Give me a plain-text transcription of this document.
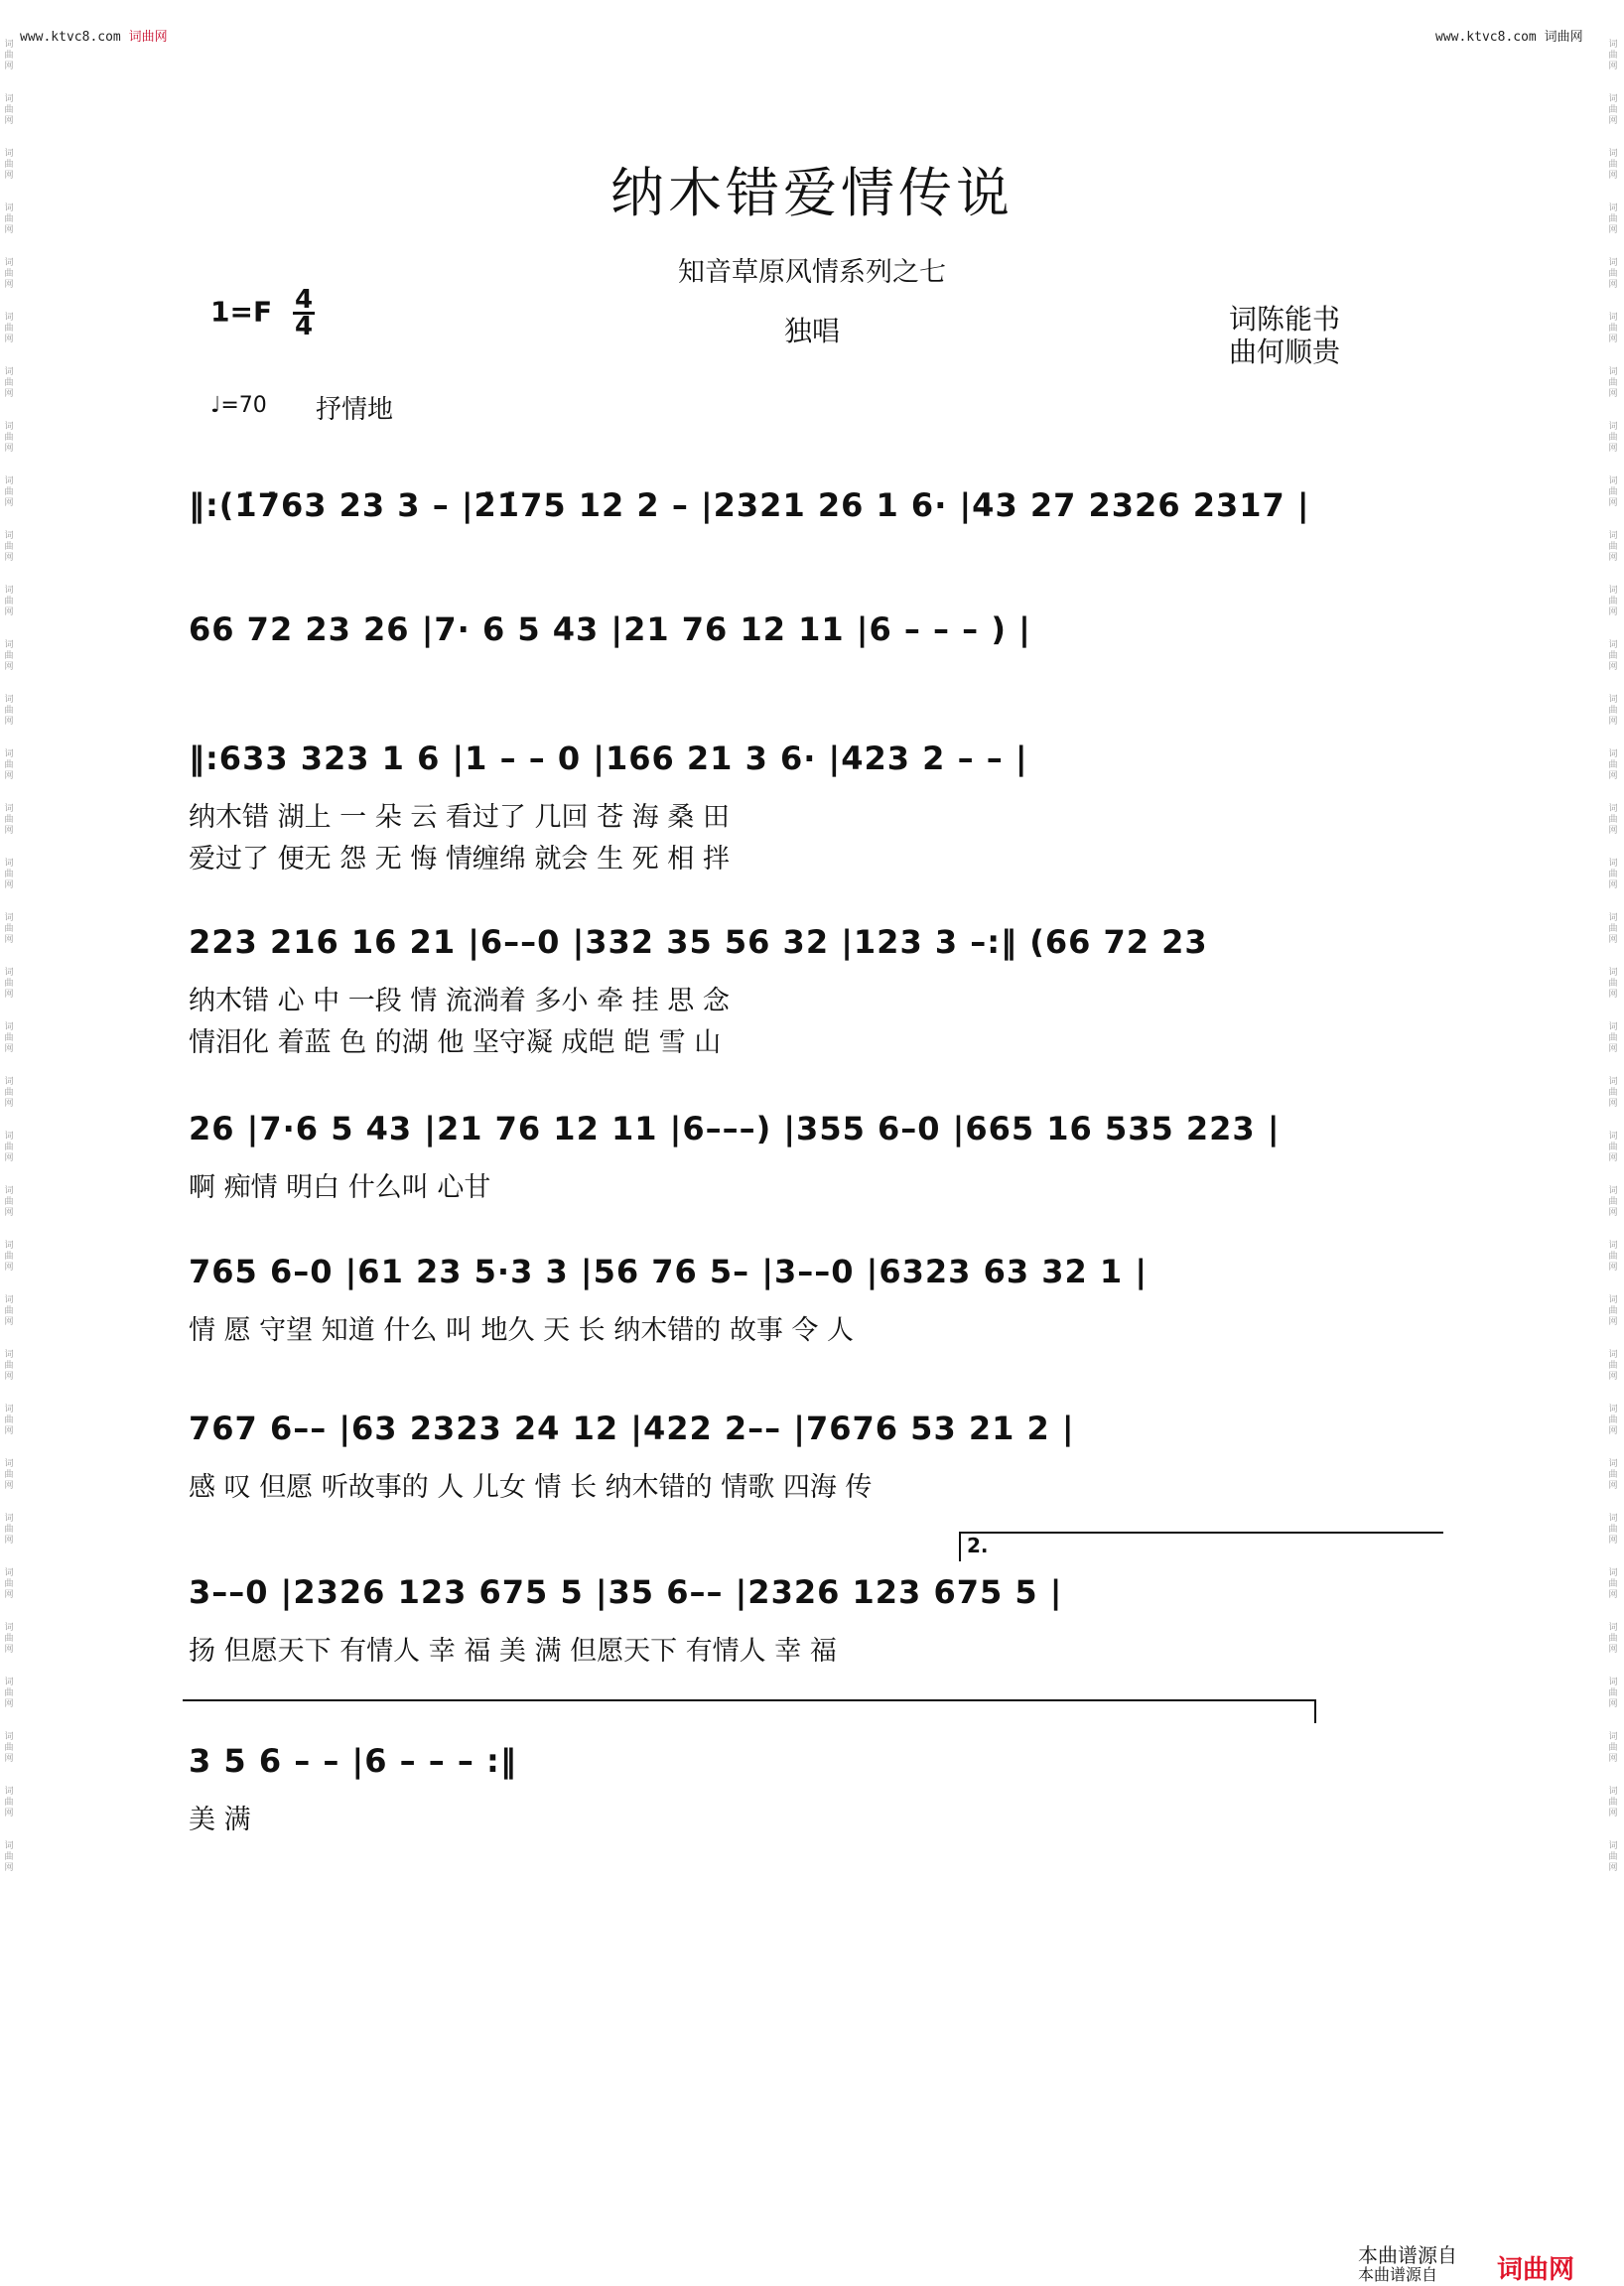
www.ktvc8.com 词曲网	www.ktvc8.com 词曲网
词曲网
词曲网
词曲网
词曲网
词曲网
词曲网
词曲网
词曲网
词曲网
词曲网
词曲网
词曲网
词曲网
词曲网
词曲网
词曲网
词曲网
词曲网
词曲网
词曲网
词曲网
词曲网
词曲网
词曲网
词曲网
词曲网
词曲网
词曲网
词曲网
词曲网
词曲网
词曲网
词曲网
词曲网
词曲网
词曲网
词曲网
词曲网
词曲网
词曲网
词曲网
词曲网
词曲网
词曲网
词曲网
词曲网
词曲网
词曲网
词曲网
词曲网
词曲网
词曲网
词曲网
词曲网
词曲网
词曲网
词曲网
词曲网
词曲网
词曲网
词曲网
词曲网
词曲网
词曲网
词曲网
词曲网
词曲网
词曲网
纳木错爱情传说
知音草原风情系列之七
$1=F \frac{4}{4}$	独唱	词陈能书
曲何顺贵
♩=70 抒情地
‖:(1̇7̇63 23 3 – |2̇1̇75 12 2 – |2321 26 1 6· |43 27 2326 2317 |
66 72 23 26 |7· 6 5 43 |21 76 12 11 |6 – – – ) |
‖:633 323 1 6 |1 – – 0 |166 21 3 6· |423 2 – – |
纳木错 湖上 一 朵 云 看过了 几回 苍 海 桑 田
爱过了 便无 怨 无 悔 情缠绵 就会 生 死 相 拌
223 216 16 21 |6––0 |332 35 56 32 |123 3 –:‖ (66 72 23
纳木错 心 中 一段 情 流淌着 多小 牵 挂 思 念
情泪化 着蓝 色 的湖 他 坚守凝 成皑 皑 雪 山
26 |7·6 5 43 |21 76 12 11 |6–––) |355 6–0 |665 16 535 223 |
啊 痴情 明白 什么叫 心甘
765 6–0 |61 23 5·3 3 |56 76 5– |3––0 |6323 63 32 1 |
情 愿 守望 知道 什么 叫 地久 天 长 纳木错的 故事 令 人
767 6–– |63 2323 24 12 |422 2–– |7676 53 21 2 |
感 叹 但愿 听故事的 人 儿女 情 长 纳木错的 情歌 四海 传
3––0 |2326 123 675 5 |35 6–– |2326 123 675 5 |
扬 但愿天下 有情人 幸 福 美 满 但愿天下 有情人 幸 福
2.
3 5 6 – – |6 – – – :‖
美 满
本曲谱源自
本曲谱源自	词曲网
